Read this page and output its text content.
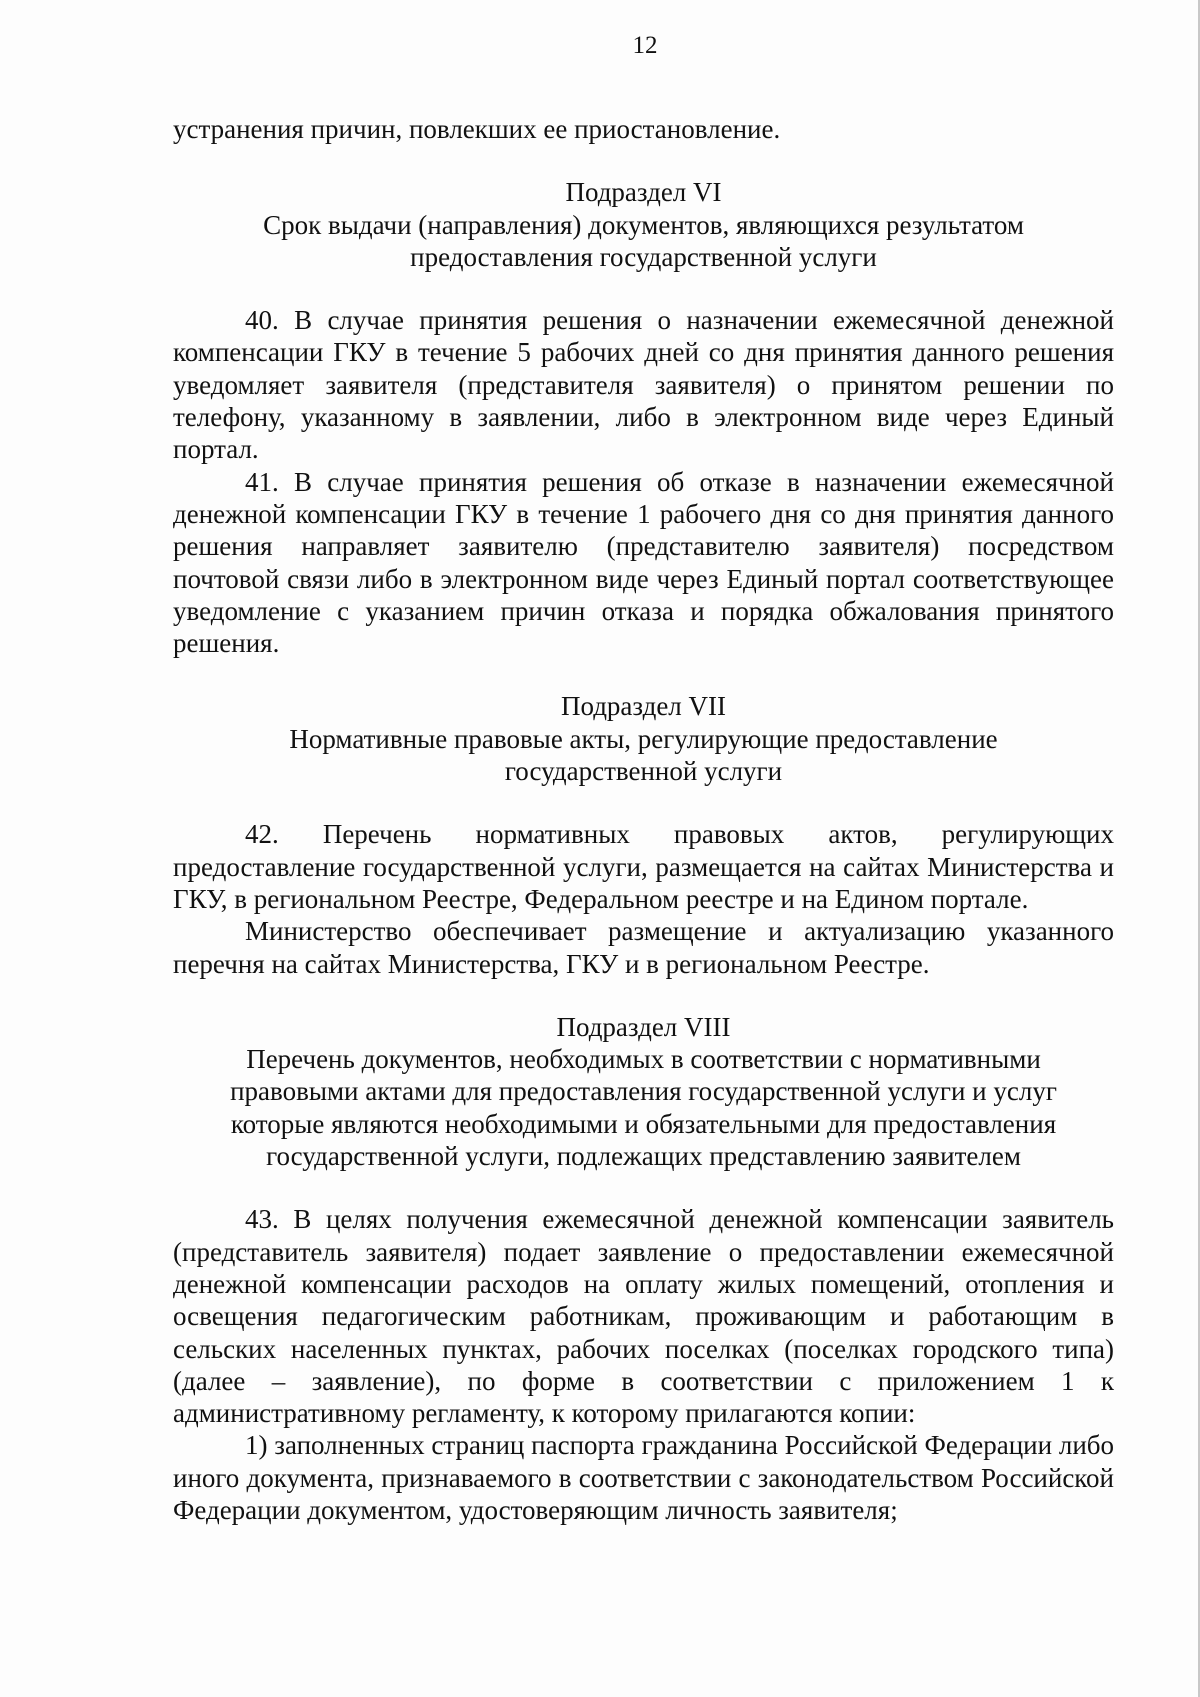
12

устранения причин, повлекших ее приостановление.

Подраздел VI
Срок выдачи (направления) документов, являющихся результатом
предоставления государственной услуги

40. В случае принятия решения о назначении ежемесячной денежной компенсации ГКУ в течение 5 рабочих дней со дня принятия данного решения уведомляет заявителя (представителя заявителя) о принятом решении по телефону, указанному в заявлении, либо в электронном виде через Единый портал.

41. В случае принятия решения об отказе в назначении ежемесячной денежной компенсации ГКУ в течение 1 рабочего дня со дня принятия данного решения направляет заявителю (представителю заявителя) посредством почтовой связи либо в электронном виде через Единый портал соответствующее уведомление с указанием причин отказа и порядка обжалования принятого решения.

Подраздел VII
Нормативные правовые акты, регулирующие предоставление
государственной услуги

42. Перечень нормативных правовых актов, регулирующих предоставление государственной услуги, размещается на сайтах Министерства и ГКУ, в региональном Реестре, Федеральном реестре и на Едином портале.

Министерство обеспечивает размещение и актуализацию указанного перечня на сайтах Министерства, ГКУ и в региональном Реестре.

Подраздел VIII
Перечень документов, необходимых в соответствии с нормативными
правовыми актами для предоставления государственной услуги и услуг
которые являются необходимыми и обязательными для предоставления
государственной услуги, подлежащих представлению заявителем

43. В целях получения ежемесячной денежной компенсации заявитель (представитель заявителя) подает заявление о предоставлении ежемесячной денежной компенсации расходов на оплату жилых помещений, отопления и освещения педагогическим работникам, проживающим и работающим в сельских населенных пунктах, рабочих поселках (поселках городского типа) (далее – заявление), по форме в соответствии с приложением 1 к административному регламенту, к которому прилагаются копии:

1) заполненных страниц паспорта гражданина Российской Федерации либо иного документа, признаваемого в соответствии с законодательством Российской Федерации документом, удостоверяющим личность заявителя;
